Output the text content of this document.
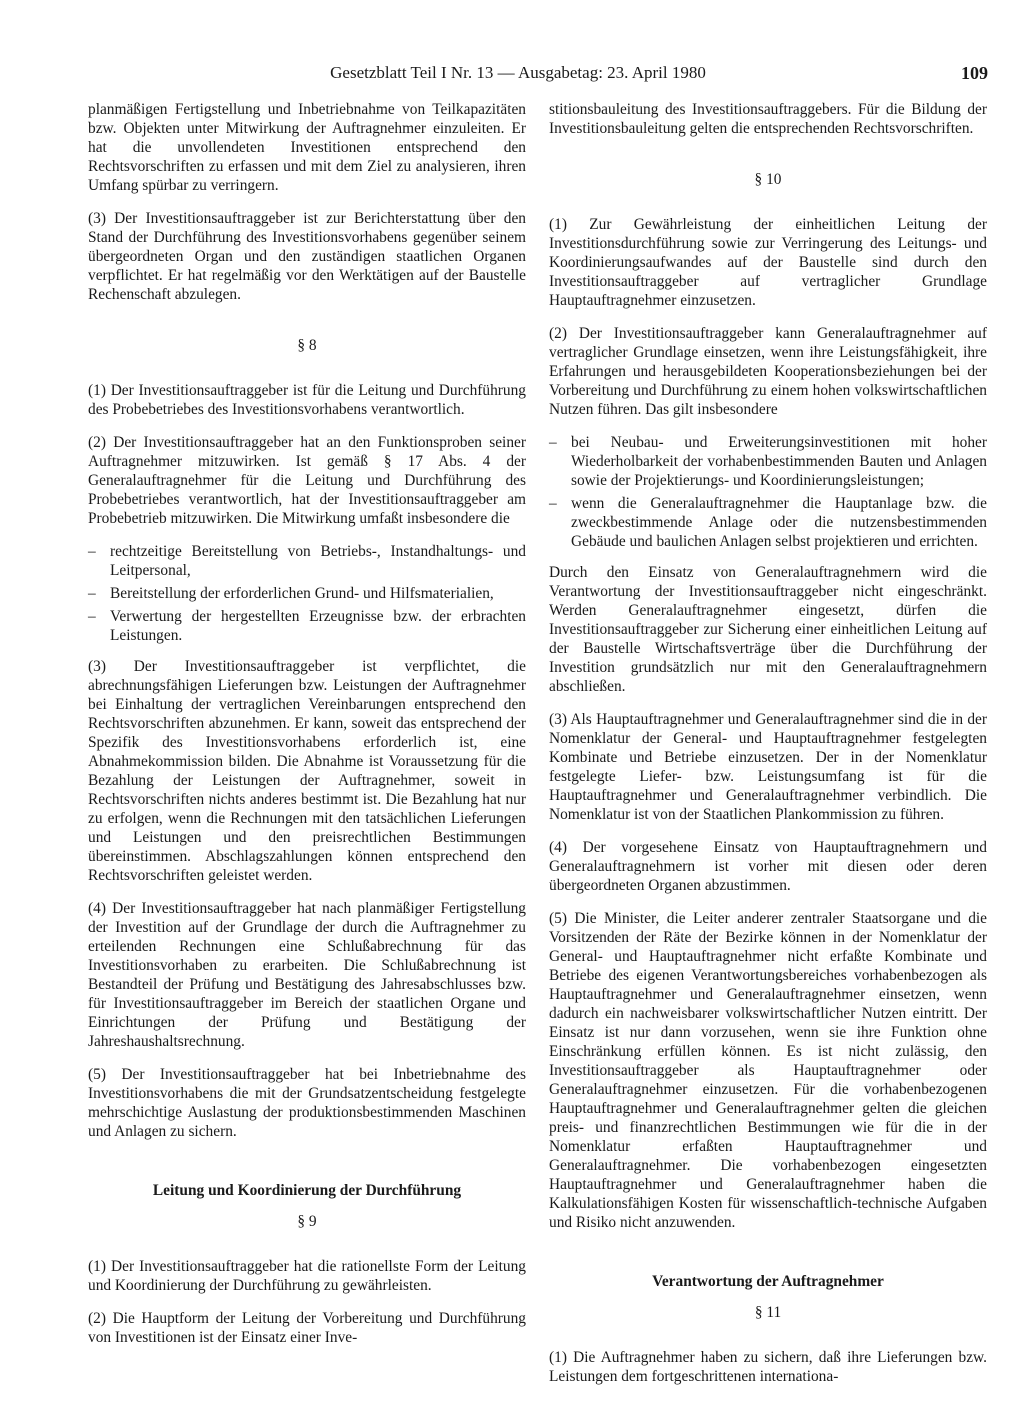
Gesetzblatt Teil I Nr. 13 — Ausgabetag: 23. April 1980	109

planmäßigen Fertigstellung und Inbetriebnahme von Teilkapazitäten bzw. Objekten unter Mitwirkung der Auftragnehmer einzuleiten. Er hat die unvollendeten Investitionen entsprechend den Rechtsvorschriften zu erfassen und mit dem Ziel zu analysieren, ihren Umfang spürbar zu verringern.

(3) Der Investitionsauftraggeber ist zur Berichterstattung über den Stand der Durchführung des Investitionsvorhabens gegenüber seinem übergeordneten Organ und den zuständigen staatlichen Organen verpflichtet. Er hat regelmäßig vor den Werktätigen auf der Baustelle Rechenschaft abzulegen.

§ 8

(1) Der Investitionsauftraggeber ist für die Leitung und Durchführung des Probebetriebes des Investitionsvorhabens verantwortlich.

(2) Der Investitionsauftraggeber hat an den Funktionsproben seiner Auftragnehmer mitzuwirken. Ist gemäß § 17 Abs. 4 der Generalauftragnehmer für die Leitung und Durchführung des Probebetriebes verantwortlich, hat der Investitionsauftraggeber am Probebetrieb mitzuwirken. Die Mitwirkung umfaßt insbesondere die

– rechtzeitige Bereitstellung von Betriebs-, Instandhaltungs- und Leitpersonal,
– Bereitstellung der erforderlichen Grund- und Hilfsmaterialien,
– Verwertung der hergestellten Erzeugnisse bzw. der erbrachten Leistungen.

(3) Der Investitionsauftraggeber ist verpflichtet, die abrechnungsfähigen Lieferungen bzw. Leistungen der Auftragnehmer bei Einhaltung der vertraglichen Vereinbarungen entsprechend den Rechtsvorschriften abzunehmen. Er kann, soweit das entsprechend der Spezifik des Investitionsvorhabens erforderlich ist, eine Abnahmekommission bilden. Die Abnahme ist Voraussetzung für die Bezahlung der Leistungen der Auftragnehmer, soweit in Rechtsvorschriften nichts anderes bestimmt ist. Die Bezahlung hat nur zu erfolgen, wenn die Rechnungen mit den tatsächlichen Lieferungen und Leistungen und den preisrechtlichen Bestimmungen übereinstimmen. Abschlagszahlungen können entsprechend den Rechtsvorschriften geleistet werden.

(4) Der Investitionsauftraggeber hat nach planmäßiger Fertigstellung der Investition auf der Grundlage der durch die Auftragnehmer zu erteilenden Rechnungen eine Schlußabrechnung für das Investitionsvorhaben zu erarbeiten. Die Schlußabrechnung ist Bestandteil der Prüfung und Bestätigung des Jahresabschlusses bzw. für Investitionsauftraggeber im Bereich der staatlichen Organe und Einrichtungen der Prüfung und Bestätigung der Jahreshaushaltsrechnung.

(5) Der Investitionsauftraggeber hat bei Inbetriebnahme des Investitionsvorhabens die mit der Grundsatzentscheidung festgelegte mehrschichtige Auslastung der produktionsbestimmenden Maschinen und Anlagen zu sichern.

Leitung und Koordinierung der Durchführung
§ 9

(1) Der Investitionsauftraggeber hat die rationellste Form der Leitung und Koordinierung der Durchführung zu gewährleisten.

(2) Die Hauptform der Leitung der Vorbereitung und Durchführung von Investitionen ist der Einsatz einer Inve-

stitionsbauleitung des Investitionsauftraggebers. Für die Bildung der Investitionsbauleitung gelten die entsprechenden Rechtsvorschriften.

§ 10

(1) Zur Gewährleistung der einheitlichen Leitung der Investitionsdurchführung sowie zur Verringerung des Leitungs- und Koordinierungsaufwandes auf der Baustelle sind durch den Investitionsauftraggeber auf vertraglicher Grundlage Hauptauftragnehmer einzusetzen.

(2) Der Investitionsauftraggeber kann Generalauftragnehmer auf vertraglicher Grundlage einsetzen, wenn ihre Leistungsfähigkeit, ihre Erfahrungen und herausgebildeten Kooperationsbeziehungen bei der Vorbereitung und Durchführung zu einem hohen volkswirtschaftlichen Nutzen führen. Das gilt insbesondere

– bei Neubau- und Erweiterungsinvestitionen mit hoher Wiederholbarkeit der vorhabenbestimmenden Bauten und Anlagen sowie der Projektierungs- und Koordinierungsleistungen;
– wenn die Generalauftragnehmer die Hauptanlage bzw. die zweckbestimmende Anlage oder die nutzensbestimmenden Gebäude und baulichen Anlagen selbst projektieren und errichten.

Durch den Einsatz von Generalauftragnehmern wird die Verantwortung der Investitionsauftraggeber nicht eingeschränkt. Werden Generalauftragnehmer eingesetzt, dürfen die Investitionsauftraggeber zur Sicherung einer einheitlichen Leitung auf der Baustelle Wirtschaftsverträge über die Durchführung der Investition grundsätzlich nur mit den Generalauftragnehmern abschließen.

(3) Als Hauptauftragnehmer und Generalauftragnehmer sind die in der Nomenklatur der General- und Hauptauftragnehmer festgelegten Kombinate und Betriebe einzusetzen. Der in der Nomenklatur festgelegte Liefer- bzw. Leistungsumfang ist für die Hauptauftragnehmer und Generalauftragnehmer verbindlich. Die Nomenklatur ist von der Staatlichen Plankommission zu führen.

(4) Der vorgesehene Einsatz von Hauptauftragnehmern und Generalauftragnehmern ist vorher mit diesen oder deren übergeordneten Organen abzustimmen.

(5) Die Minister, die Leiter anderer zentraler Staatsorgane und die Vorsitzenden der Räte der Bezirke können in der Nomenklatur der General- und Hauptauftragnehmer nicht erfaßte Kombinate und Betriebe des eigenen Verantwortungsbereiches vorhabenbezogen als Hauptauftragnehmer und Generalauftragnehmer einsetzen, wenn dadurch ein nachweisbarer volkswirtschaftlicher Nutzen eintritt. Der Einsatz ist nur dann vorzusehen, wenn sie ihre Funktion ohne Einschränkung erfüllen können. Es ist nicht zulässig, den Investitionsauftraggeber als Hauptauftragnehmer oder Generalauftragnehmer einzusetzen. Für die vorhabenbezogenen Hauptauftragnehmer und Generalauftragnehmer gelten die gleichen preis- und finanzrechtlichen Bestimmungen wie für die in der Nomenklatur erfaßten Hauptauftragnehmer und Generalauftragnehmer. Die vorhabenbezogen eingesetzten Hauptauftragnehmer und Generalauftragnehmer haben die Kalkulationsfähigen Kosten für wissenschaftlich-technische Aufgaben und Risiko nicht anzuwenden.

Verantwortung der Auftragnehmer
§ 11

(1) Die Auftragnehmer haben zu sichern, daß ihre Lieferungen bzw. Leistungen dem fortgeschrittenen internationa-
